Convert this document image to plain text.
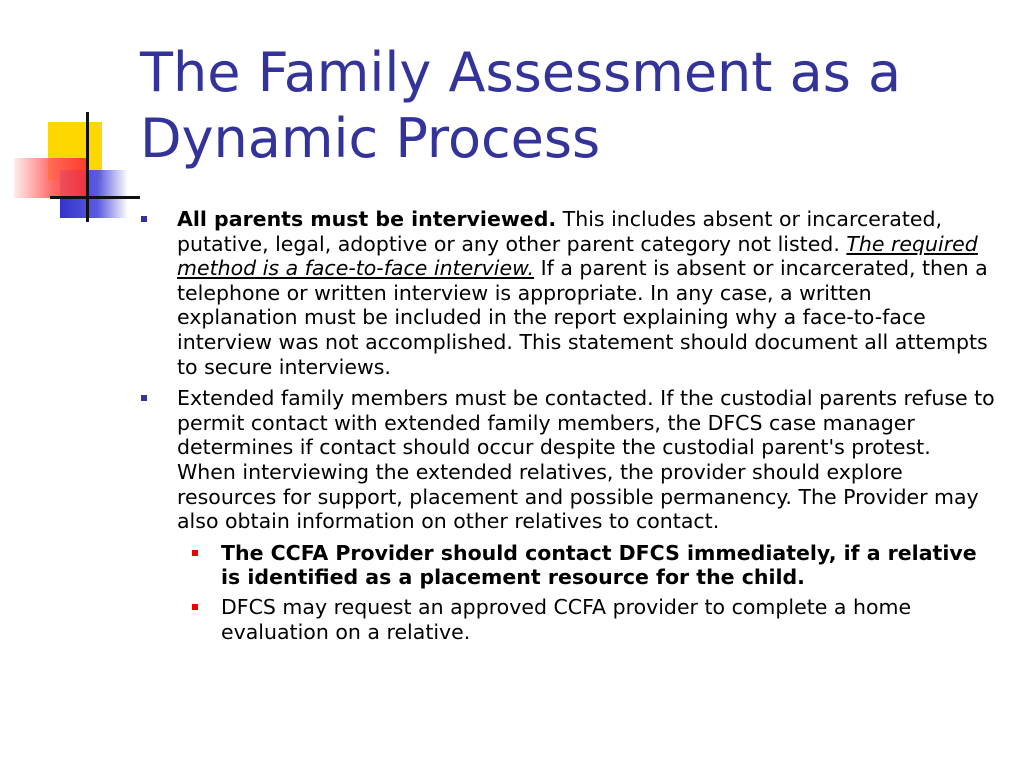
The Family Assessment as a Dynamic Process
All parents must be interviewed. This includes absent or incarcerated, putative, legal, adoptive or any other parent category not listed. The required method is a face-to-face interview. If a parent is absent or incarcerated, then a telephone or written interview is appropriate. In any case, a written explanation must be included in the report explaining why a face-to-face interview was not accomplished. This statement should document all attempts to secure interviews.
Extended family members must be contacted. If the custodial parents refuse to permit contact with extended family members, the DFCS case manager determines if contact should occur despite the custodial parent's protest. When interviewing the extended relatives, the provider should explore resources for support, placement and possible permanency. The Provider may also obtain information on other relatives to contact.
The CCFA Provider should contact DFCS immediately, if a relative is identified as a placement resource for the child.
DFCS may request an approved CCFA provider to complete a home evaluation on a relative.
